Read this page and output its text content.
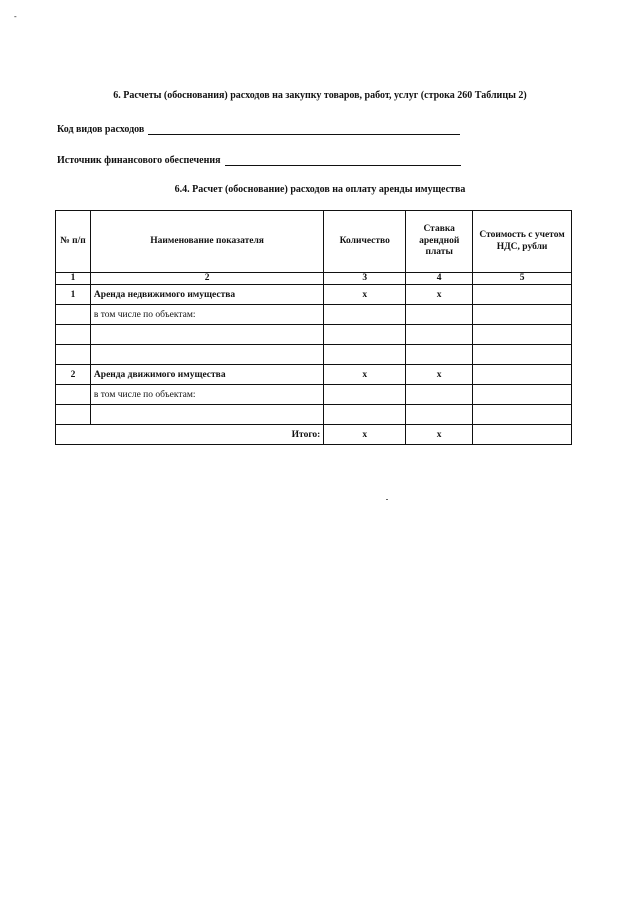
-
6. Расчеты (обоснования) расходов на закупку товаров, работ, услуг (строка 260 Таблицы 2)
Код видов расходов
Источник финансового обеспечения
6.4. Расчет (обоснование) расходов на оплату аренды имущества
№ п/п	Наименование показателя	Количество	Ставка арендной платы	Стоимость с учетом НДС, рубли
1	2	3	4	5
1	Аренда недвижимого имущества	x	x	
	в том числе по объектам:			

2	Аренда движимого имущества	x	x	
	в том числе по объектам:			

Итого:		x	x	
